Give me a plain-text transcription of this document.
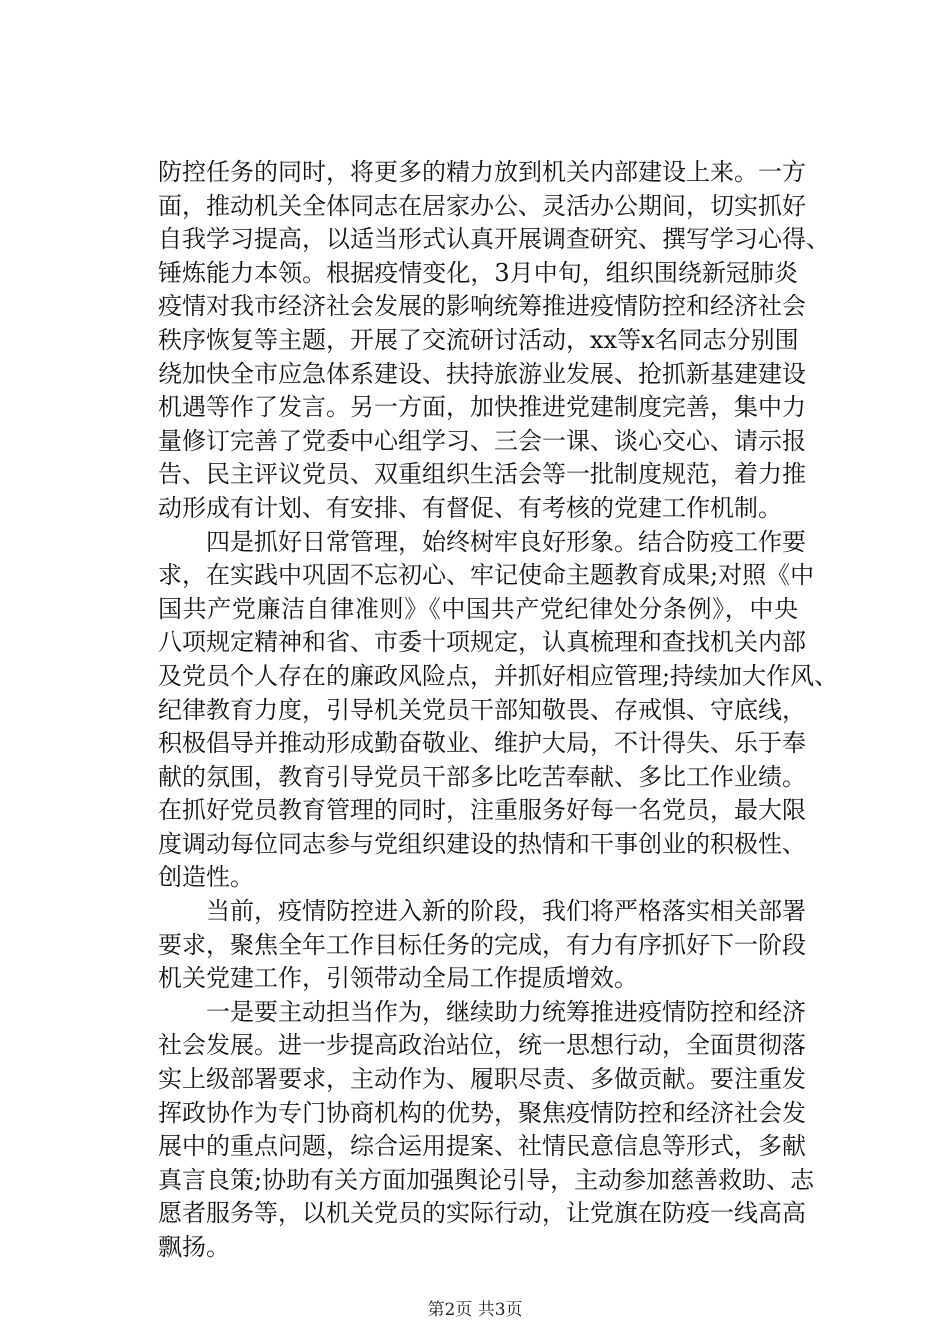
防控任务的同时，将更多的精力放到机关内部建设上来。一方
面，推动机关全体同志在居家办公、灵活办公期间，切实抓好
自我学习提高，以适当形式认真开展调查研究、撰写学习心得、
锤炼能力本领。根据疫情变化，3月中旬，组织围绕新冠肺炎
疫情对我市经济社会发展的影响统筹推进疫情防控和经济社会
秩序恢复等主题，开展了交流研讨活动，xx等x名同志分别围
绕加快全市应急体系建设、扶持旅游业发展、抢抓新基建建设
机遇等作了发言。另一方面，加快推进党建制度完善，集中力
量修订完善了党委中心组学习、三会一课、谈心交心、请示报
告、民主评议党员、双重组织生活会等一批制度规范，着力推
动形成有计划、有安排、有督促、有考核的党建工作机制。
　　四是抓好日常管理，始终树牢良好形象。结合防疫工作要
求，在实践中巩固不忘初心、牢记使命主题教育成果;对照《中
国共产党廉洁自律准则》《中国共产党纪律处分条例》，中央
八项规定精神和省、市委十项规定，认真梳理和查找机关内部
及党员个人存在的廉政风险点，并抓好相应管理;持续加大作风、
纪律教育力度，引导机关党员干部知敬畏、存戒惧、守底线，
积极倡导并推动形成勤奋敬业、维护大局，不计得失、乐于奉
献的氛围，教育引导党员干部多比吃苦奉献、多比工作业绩。
在抓好党员教育管理的同时，注重服务好每一名党员，最大限
度调动每位同志参与党组织建设的热情和干事创业的积极性、
创造性。
　　当前，疫情防控进入新的阶段，我们将严格落实相关部署
要求，聚焦全年工作目标任务的完成，有力有序抓好下一阶段
机关党建工作，引领带动全局工作提质增效。
　　一是要主动担当作为，继续助力统筹推进疫情防控和经济
社会发展。进一步提高政治站位，统一思想行动，全面贯彻落
实上级部署要求，主动作为、履职尽责、多做贡献。要注重发
挥政协作为专门协商机构的优势，聚焦疫情防控和经济社会发
展中的重点问题，综合运用提案、社情民意信息等形式，多献
真言良策;协助有关方面加强舆论引导，主动参加慈善救助、志
愿者服务等，以机关党员的实际行动，让党旗在防疫一线高高
飘扬。
第2页 共3页
